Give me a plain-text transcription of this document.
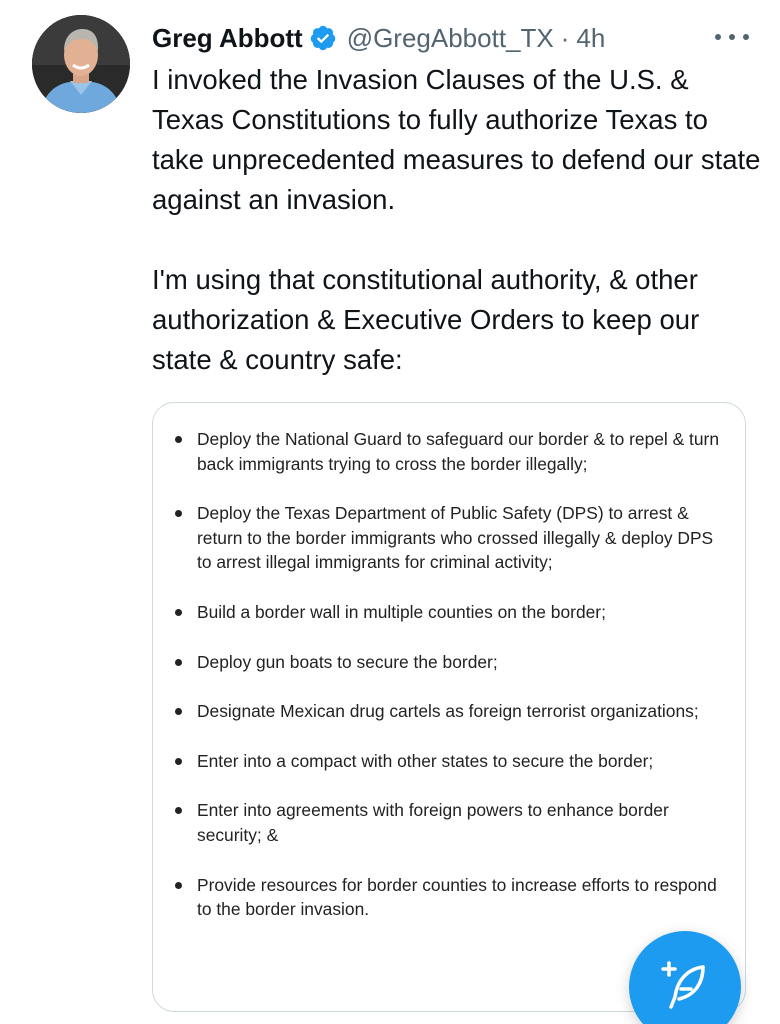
Greg Abbott @GregAbbott_TX · 4h

I invoked the Invasion Clauses of the U.S. & Texas Constitutions to fully authorize Texas to take unprecedented measures to defend our state against an invasion.

I'm using that constitutional authority, & other authorization & Executive Orders to keep our state & country safe:

Deploy the National Guard to safeguard our border & to repel & turn back immigrants trying to cross the border illegally;
Deploy the Texas Department of Public Safety (DPS) to arrest & return to the border immigrants who crossed illegally & deploy DPS to arrest illegal immigrants for criminal activity;
Build a border wall in multiple counties on the border;
Deploy gun boats to secure the border;
Designate Mexican drug cartels as foreign terrorist organizations;
Enter into a compact with other states to secure the border;
Enter into agreements with foreign powers to enhance border security; &
Provide resources for border counties to increase efforts to respond to the border invasion.
